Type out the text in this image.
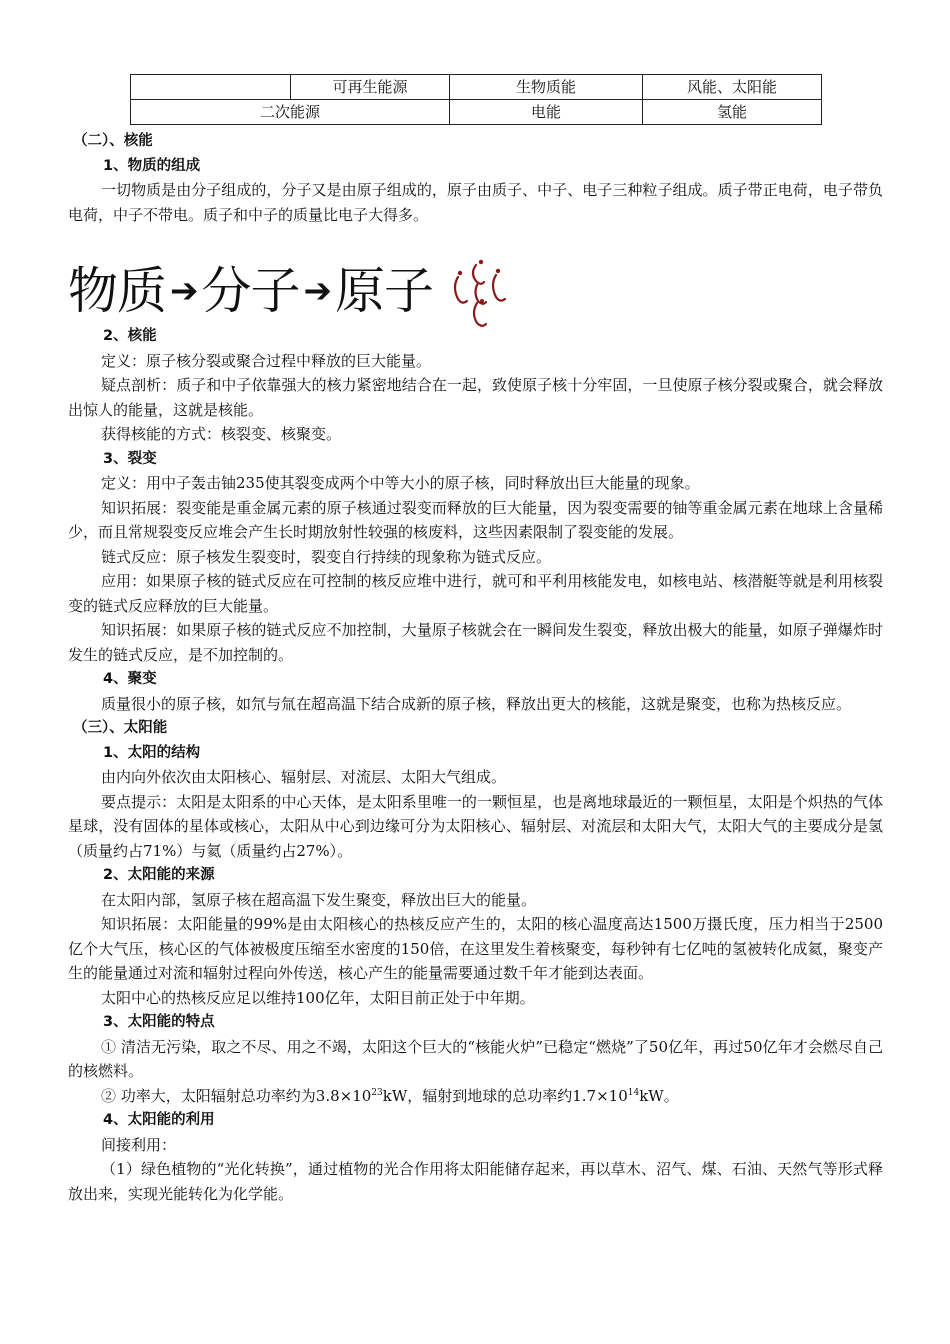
	可再生能源	生物质能	风能、太阳能
二次能源		电能	氢能
（二）、核能
1、物质的组成

一切物质是由分子组成的，分子又是由原子组成的，原子由质子、中子、电子三种粒子组成。质子带正电荷，电子带负电荷，中子不带电。质子和中子的质量比电子大得多。

物质 ➔分子 ➔原子
2、核能

定义：原子核分裂或聚合过程中释放的巨大能量。

疑点剖析：质子和中子依靠强大的核力紧密地结合在一起，致使原子核十分牢固，一旦使原子核分裂或聚合，就会释放出惊人的能量，这就是核能。

获得核能的方式：核裂变、核聚变。

3、裂变

定义：用中子轰击铀235使其裂变成两个中等大小的原子核，同时释放出巨大能量的现象。

知识拓展：裂变能是重金属元素的原子核通过裂变而释放的巨大能量，因为裂变需要的铀等重金属元素在地球上含量稀少，而且常规裂变反应堆会产生长时期放射性较强的核废料，这些因素限制了裂变能的发展。

链式反应：原子核发生裂变时，裂变自行持续的现象称为链式反应。

应用：如果原子核的链式反应在可控制的核反应堆中进行，就可和平利用核能发电，如核电站、核潜艇等就是利用核裂变的链式反应释放的巨大能量。

知识拓展：如果原子核的链式反应不加控制，大量原子核就会在一瞬间发生裂变，释放出极大的能量，如原子弹爆炸时发生的链式反应，是不加控制的。

4、聚变

质量很小的原子核，如氘与氚在超高温下结合成新的原子核，释放出更大的核能，这就是聚变，也称为热核反应。

（三）、太阳能
1、太阳的结构

由内向外依次由太阳核心、辐射层、对流层、太阳大气组成。

要点提示：太阳是太阳系的中心天体，是太阳系里唯一的一颗恒星，也是离地球最近的一颗恒星，太阳是个炽热的气体星球，没有固体的星体或核心，太阳从中心到边缘可分为太阳核心、辐射层、对流层和太阳大气，太阳大气的主要成分是氢（质量约占71%）与氦（质量约占27%）。

2、太阳能的来源

在太阳内部，氢原子核在超高温下发生聚变，释放出巨大的能量。

知识拓展：太阳能量的99%是由太阳核心的热核反应产生的，太阳的核心温度高达1500万摄氏度，压力相当于2500亿个大气压，核心区的气体被极度压缩至水密度的150倍，在这里发生着核聚变，每秒钟有七亿吨的氢被转化成氦，聚变产生的能量通过对流和辐射过程向外传送，核心产生的能量需要通过数千年才能到达表面。

太阳中心的热核反应足以维持100亿年，太阳目前正处于中年期。

3、太阳能的特点

① 清洁无污染，取之不尽、用之不竭，太阳这个巨大的“核能火炉”已稳定“燃烧”了50亿年，再过50亿年才会燃尽自己的核燃料。

② 功率大，太阳辐射总功率约为$3.8\times 10^{23}kW$，辐射到地球的总功率约$1.7\times 10^{14}kW$。

4、太阳能的利用

间接利用：

（1）绿色植物的“光化转换”，通过植物的光合作用将太阳能储存起来，再以草木、沼气、煤、石油、天然气等形式释放出来，实现光能转化为化学能。
